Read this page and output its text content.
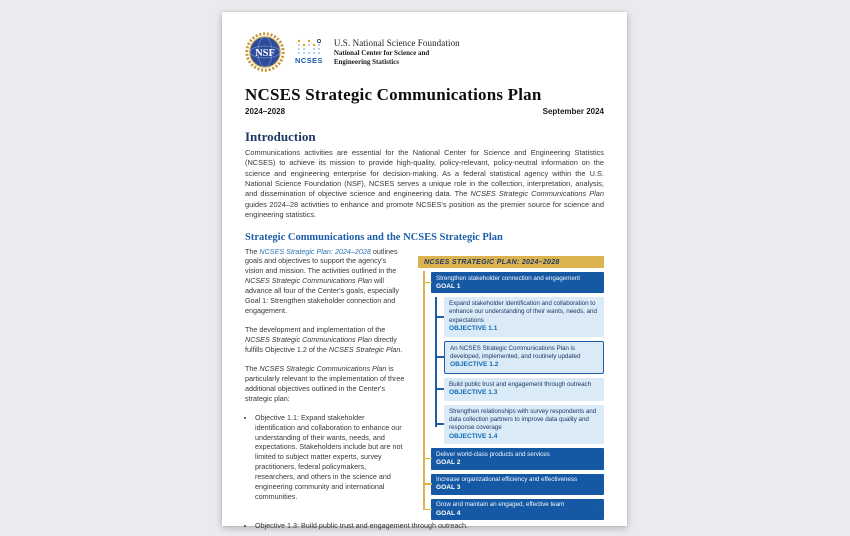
NSF
NCSES
U.S. National Science Foundation
National Center for Science and
Engineering Statistics
NCSES Strategic Communications Plan
2024–2028	September 2024
Introduction
Communications activities are essential for the National Center for Science and Engineering Statistics (NCSES) to achieve its mission to provide high-quality, policy-relevant, policy-neutral information on the science and engineering enterprise for decision-making. As a federal statistical agency within the U.S. National Science Foundation (NSF), NCSES serves a unique role in the collection, interpretation, analysis, and dissemination of objective science and engineering data. The NCSES Strategic Communications Plan guides 2024–28 activities to enhance and promote NCSES's position as the premier source for science and engineering statistics.
Strategic Communications and the NCSES Strategic Plan

The NCSES Strategic Plan: 2024–2028 outlines goals and objectives to support the agency's vision and mission. The activities outlined in the NCSES Strategic Communications Plan will advance all four of the Center's goals, especially Goal 1: Strengthen stakeholder connection and engagement.

The development and implementation of the NCSES Strategic Communications Plan directly fulfills Objective 1.2 of the NCSES Strategic Plan.

The NCSES Strategic Communications Plan is particularly relevant to the implementation of three additional objectives outlined in the Center's strategic plan:

• Objective 1.1: Expand stakeholder identification and collaboration to enhance our understanding of their wants, needs, and expectations. Stakeholders include but are not limited to subject matter experts, survey practitioners, federal policymakers, researchers, and others in the science and engineering community and international communities.
NCSES STRATEGIC PLAN: 2024–2028
Strengthen stakeholder connection and engagement
GOAL 1
Expand stakeholder identification and collaboration to enhance our understanding of their wants, needs, and expectations
OBJECTIVE 1.1
An NCSES Strategic Communications Plan is developed, implemented, and routinely updated
OBJECTIVE 1.2
Build public trust and engagement through outreach
OBJECTIVE 1.3
Strengthen relationships with survey respondents and data collection partners to improve data quality and response coverage
OBJECTIVE 1.4
Deliver world-class products and services
GOAL 2
Increase organizational efficiency and effectiveness
GOAL 3
Grow and maintain an engaged, effective team
GOAL 4
• Objective 1.3: Build public trust and engagement through outreach.
1
